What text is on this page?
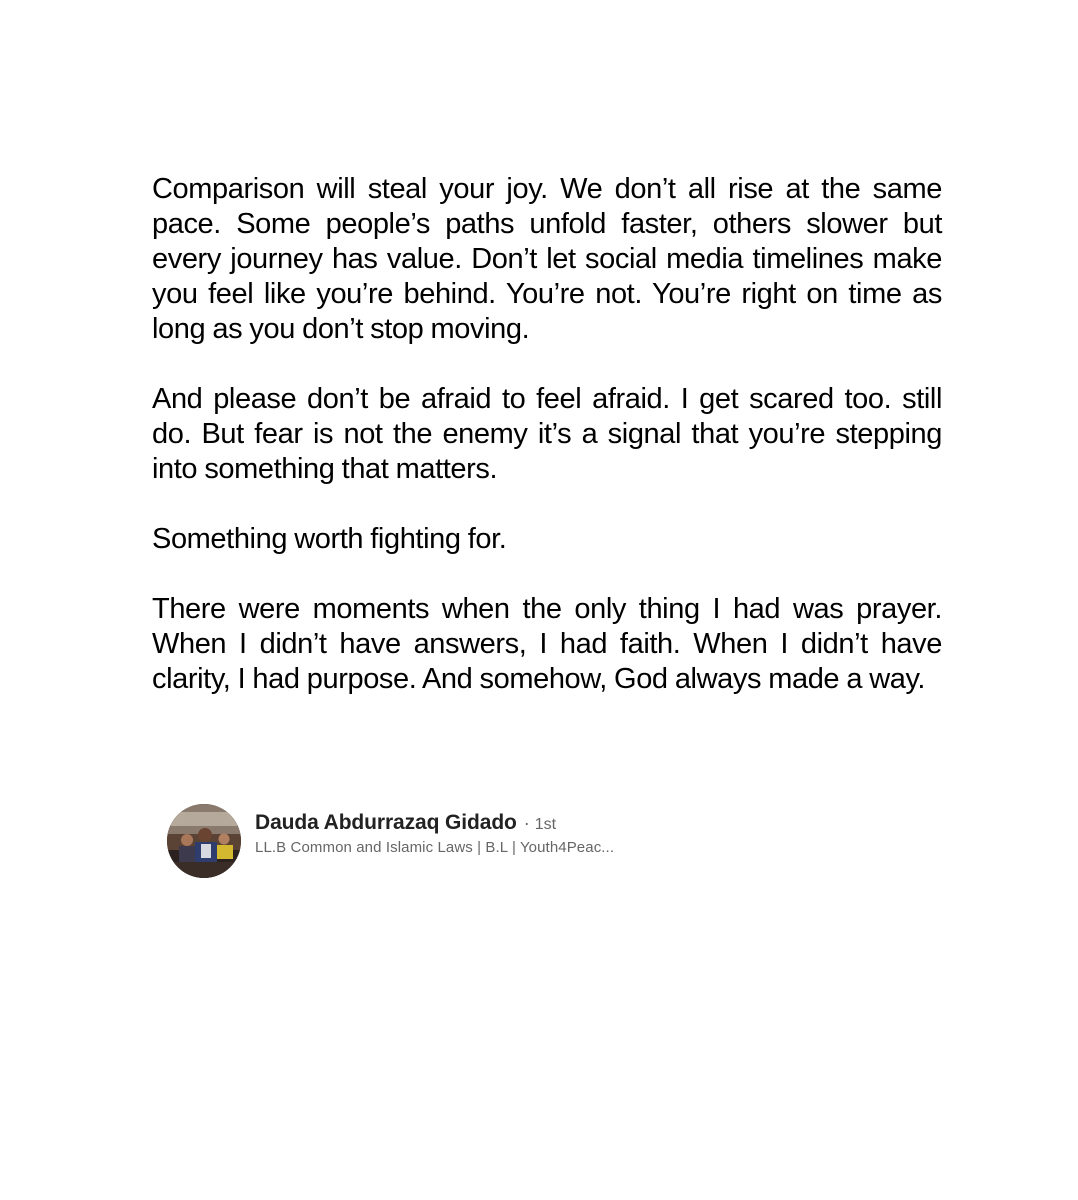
Comparison will steal your joy. We don’t all rise at the same pace. Some people’s paths unfold faster, others slower but every journey has value. Don’t let social media timelines make you feel like you’re behind. You’re not. You’re right on time as long as you don’t stop moving.

And please don’t be afraid to feel afraid. I get scared too. still do. But fear is not the enemy it’s a signal that you’re stepping into something that matters.

Something worth fighting for.

There were moments when the only thing I had was prayer. When I didn’t have answers, I had faith. When I didn’t have clarity, I had purpose. And somehow, God always made a way.

Dauda Abdurrazaq Gidado · 1st
LL.B Common and Islamic Laws | B.L | Youth4Peac...
